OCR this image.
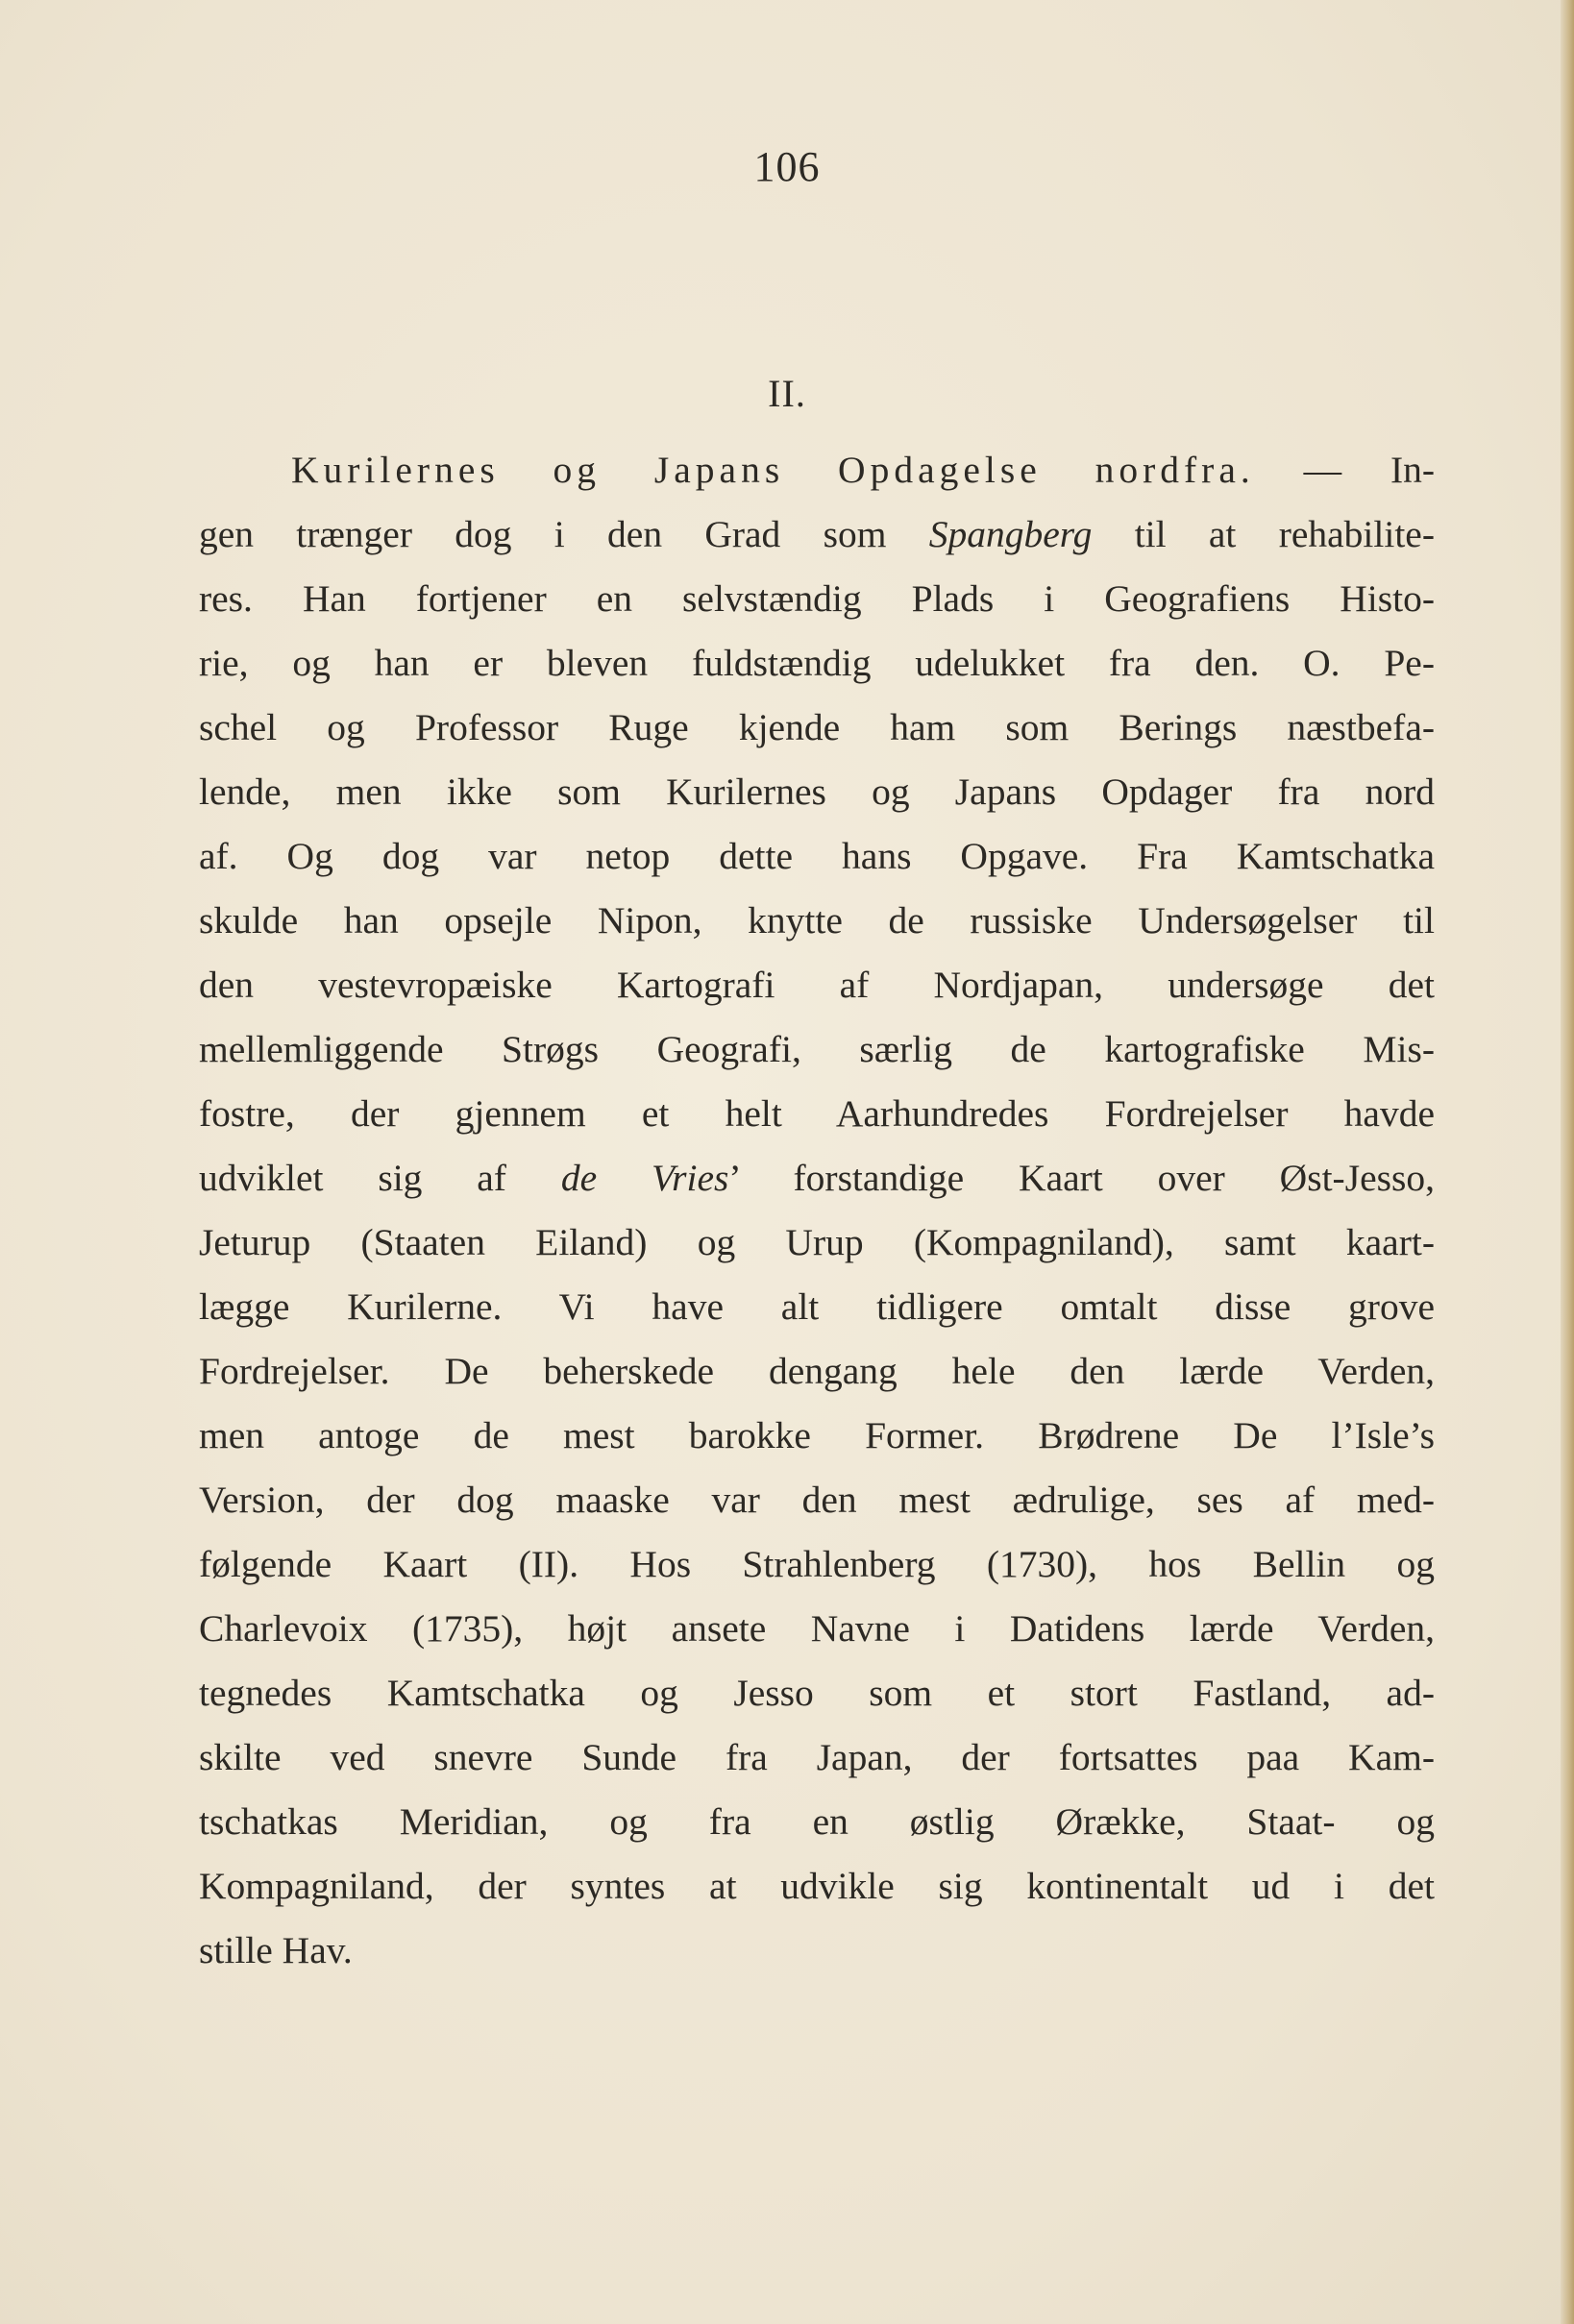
106
II.
Kurilernes og Japans Opdagelse nordfra. — In-
gen trænger dog i den Grad som Spangberg til at rehabilite-
res. Han fortjener en selvstændig Plads i Geografiens Histo-
rie, og han er bleven fuldstændig udelukket fra den. O. Pe-
schel og Professor Ruge kjende ham som Berings næstbefa-
lende, men ikke som Kurilernes og Japans Opdager fra nord
af. Og dog var netop dette hans Opgave. Fra Kamtschatka
skulde han opsejle Nipon, knytte de russiske Undersøgelser til
den vestevropæiske Kartografi af Nordjapan, undersøge det
mellemliggende Strøgs Geografi, særlig de kartografiske Mis-
fostre, der gjennem et helt Aarhundredes Fordrejelser havde
udviklet sig af de Vries’ forstandige Kaart over Øst-Jesso,
Jeturup (Staaten Eiland) og Urup (Kompagniland), samt kaart-
lægge Kurilerne. Vi have alt tidligere omtalt disse grove
Fordrejelser. De beherskede dengang hele den lærde Verden,
men antoge de mest barokke Former. Brødrene De l’Isle’s
Version, der dog maaske var den mest ædrulige, ses af med-
følgende Kaart (II). Hos Strahlenberg (1730), hos Bellin og
Charlevoix (1735), højt ansete Navne i Datidens lærde Verden,
tegnedes Kamtschatka og Jesso som et stort Fastland, ad-
skilte ved snevre Sunde fra Japan, der fortsattes paa Kam-
tschatkas Meridian, og fra en østlig Ørække, Staat- og
Kompagniland, der syntes at udvikle sig kontinentalt ud i det
stille Hav.
